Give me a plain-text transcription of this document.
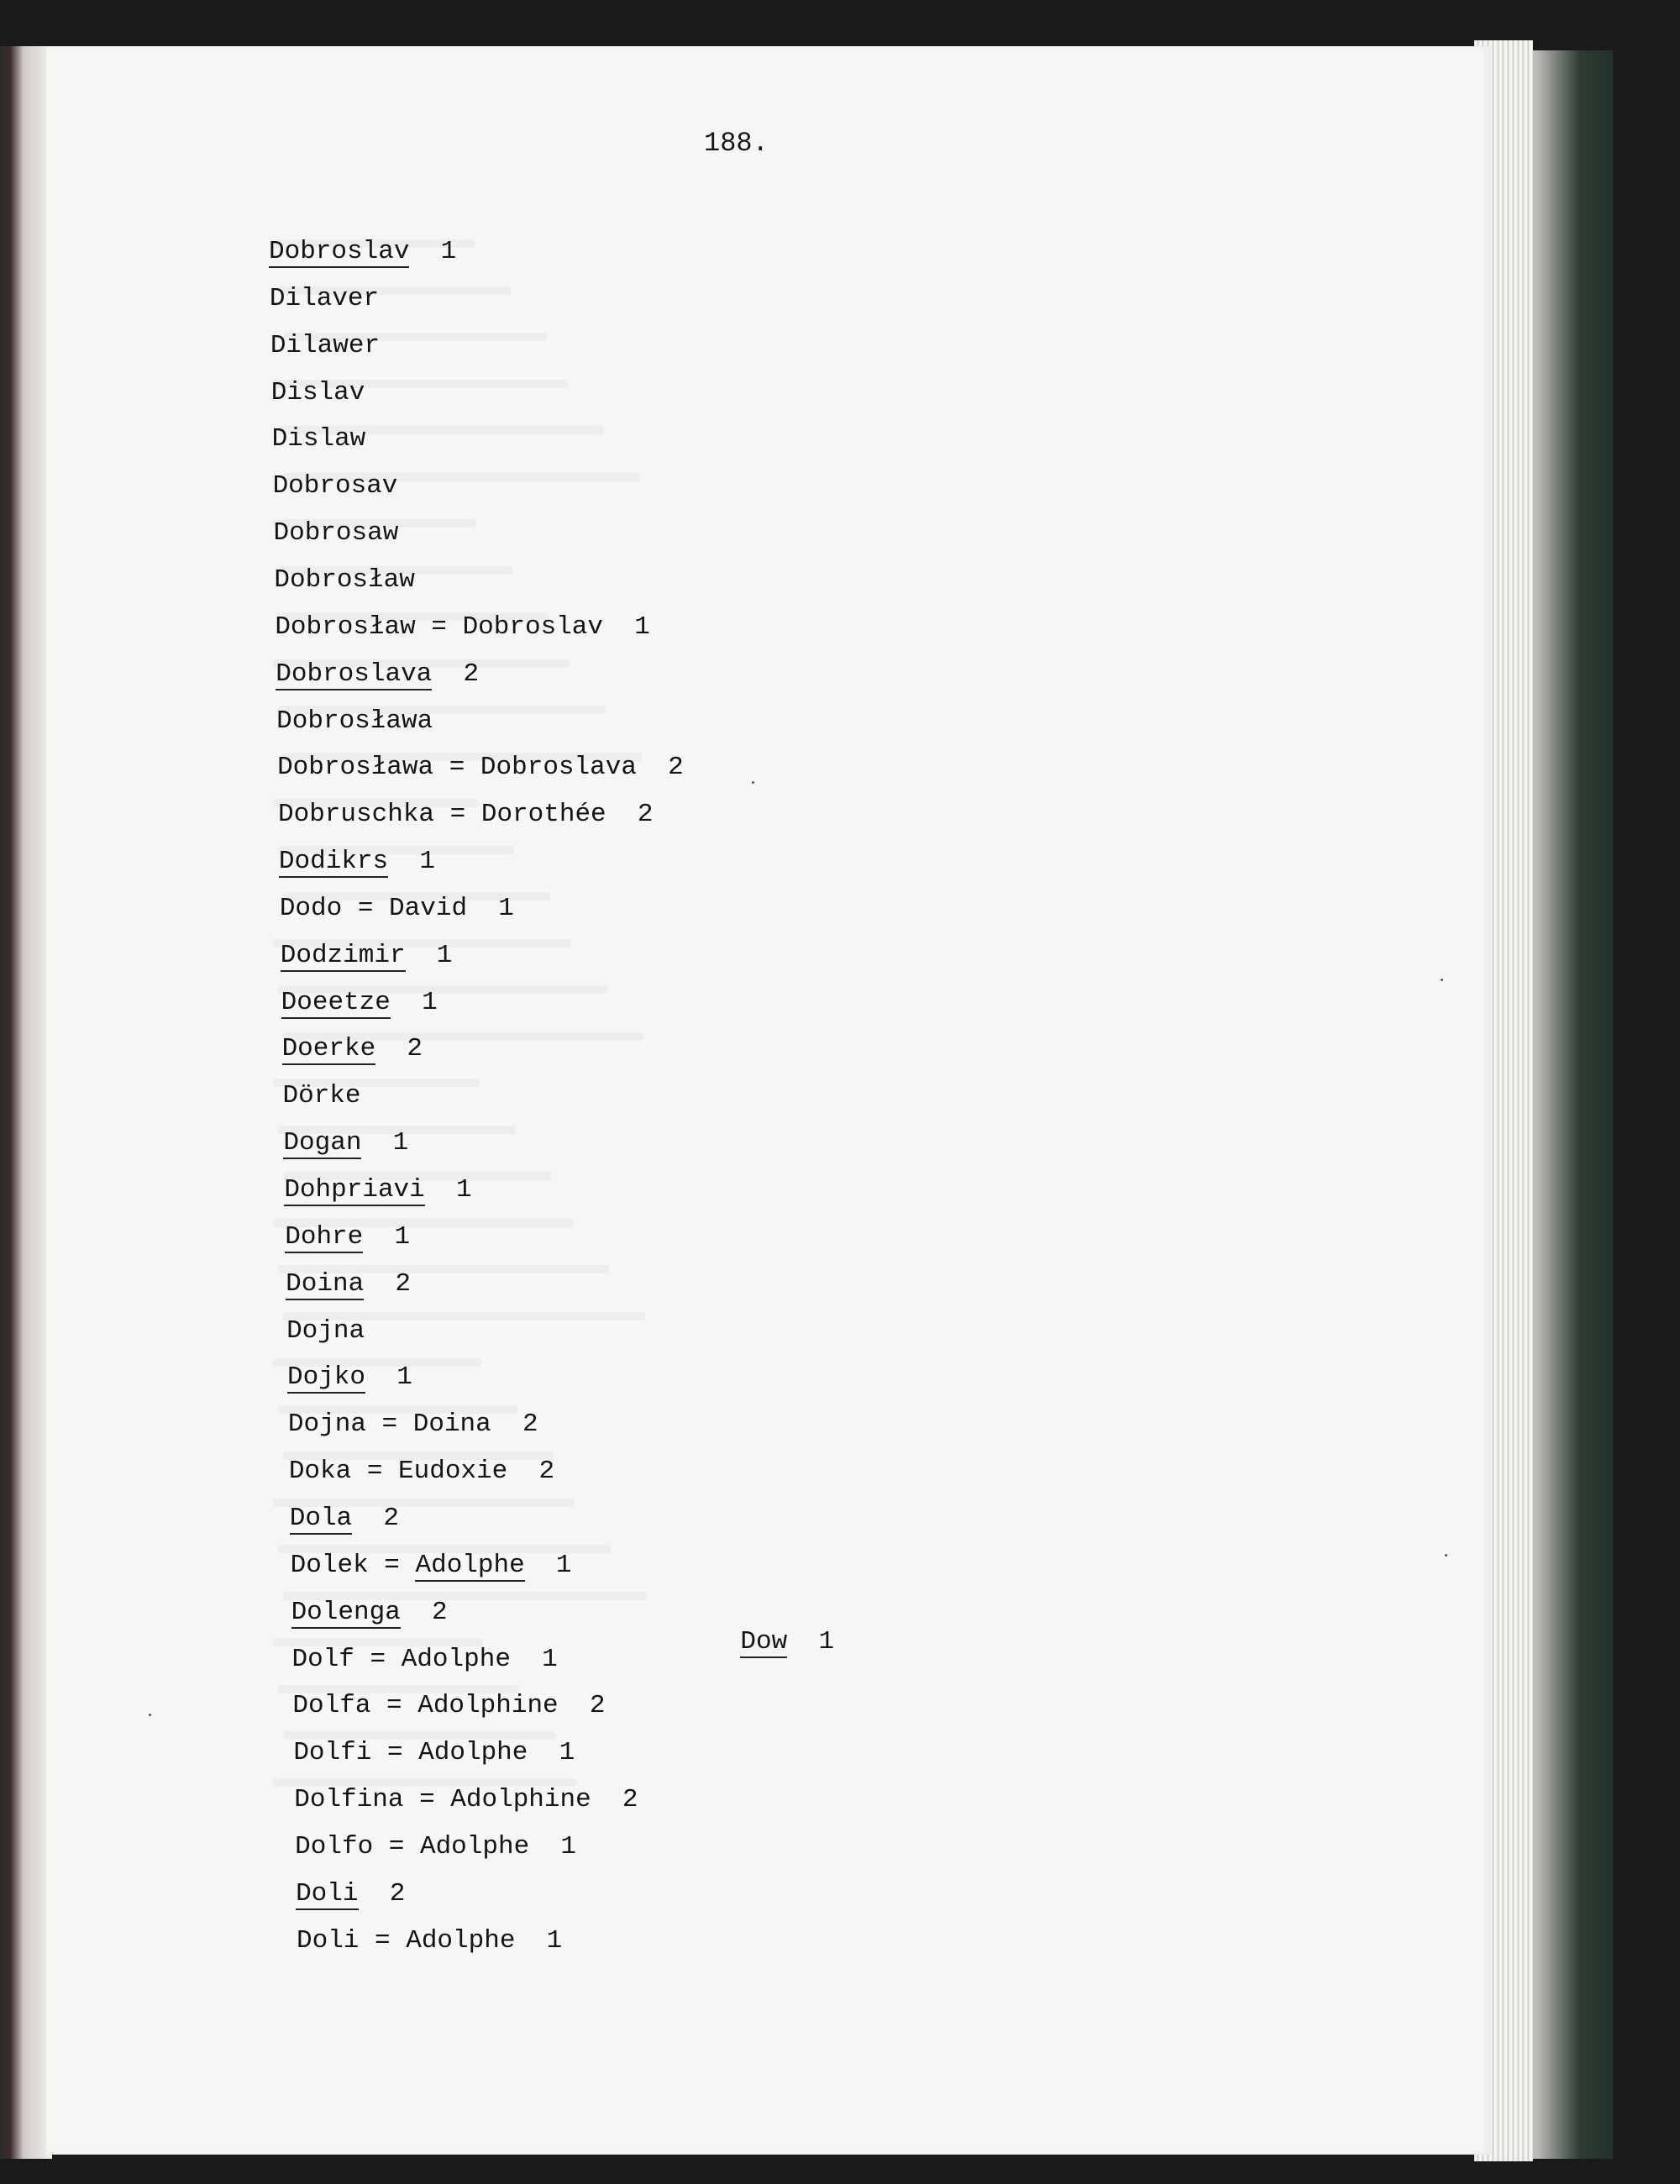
188.
Dobroslav  1
Dilaver
Dilawer
Dislav
Dislaw
Dobrosav
Dobrosaw
Dobrosław
Dobrosław = Dobroslav  1
Dobroslava  2
Dobrosława
Dobrosława = Dobroslava  2
Dobruschka = Dorothée  2
Dodikrs  1
Dodo = David  1
Dodzimir  1
Doeetze  1
Doerke  2
Dörke
Dogan  1
Dohpriavi  1
Dohre  1
Doina  2
Dojna
Dojko  1
Dojna = Doina  2
Doka = Eudoxie  2
Dola  2
Dolek = Adolphe  1
Dolenga  2
Dolf = Adolphe  1
Dolfa = Adolphine  2
Dolfi = Adolphe  1
Dolfina = Adolphine  2
Dolfo = Adolphe  1
Doli  2
Doli = Adolphe  1

Dow  1
